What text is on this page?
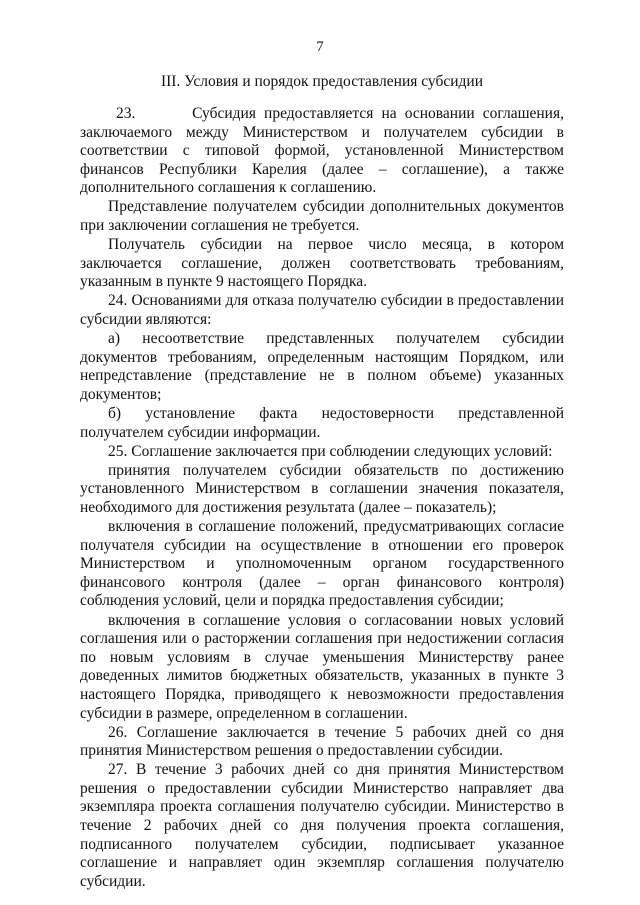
7
III. Условия и порядок предоставления субсидии

23.       Субсидия предоставляется на основании соглашения, заключаемого между Министерством и получателем субсидии в соответствии с типовой формой, установленной Министерством финансов Республики Карелия (далее – соглашение), а также дополнительного соглашения к соглашению.

Представление получателем субсидии дополнительных документов при заключении соглашения не требуется.

Получатель субсидии на первое число месяца, в котором заключается соглашение, должен соответствовать требованиям, указанным в пункте 9 настоящего Порядка.

24. Основаниями для отказа получателю субсидии в предоставлении субсидии являются:

а) несоответствие представленных получателем субсидии документов требованиям, определенным настоящим Порядком, или непредставление (представление не в полном объеме) указанных документов;

б) установление факта недостоверности представленной получателем субсидии информации.

25. Соглашение заключается при соблюдении следующих условий:

принятия получателем субсидии обязательств по достижению установленного Министерством в соглашении значения показателя, необходимого для достижения результата (далее – показатель);

включения в соглашение положений, предусматривающих согласие получателя субсидии на осуществление в отношении его проверок Министерством и уполномоченным органом государственного финансового контроля (далее – орган финансового контроля) соблюдения условий, цели и порядка предоставления субсидии;

включения в соглашение условия о согласовании новых условий соглашения или о расторжении соглашения при недостижении согласия по новым условиям в случае уменьшения Министерству ранее доведенных лимитов бюджетных обязательств, указанных в пункте 3 настоящего Порядка, приводящего к невозможности предоставления субсидии в размере, определенном в соглашении.

26. Соглашение заключается в течение 5 рабочих дней со дня принятия Министерством решения о предоставлении субсидии.

27. В течение 3 рабочих дней со дня принятия Министерством решения о предоставлении субсидии Министерство направляет два экземпляра проекта соглашения получателю субсидии. Министерство в течение 2 рабочих дней со дня получения проекта соглашения, подписанного получателем субсидии, подписывает указанное соглашение и направляет один экземпляр соглашения получателю субсидии.
